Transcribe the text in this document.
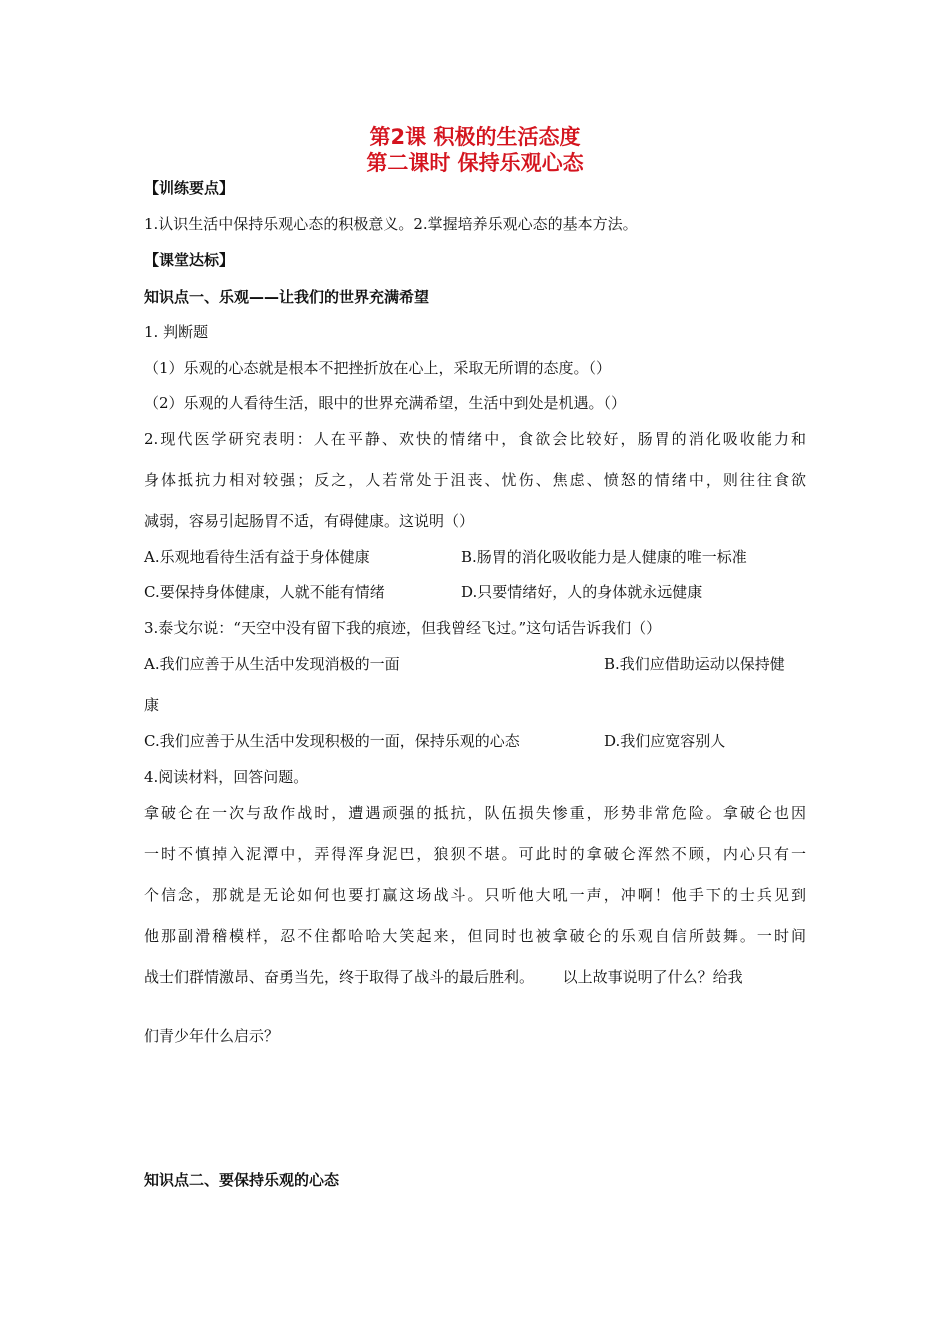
第2课 积极的生活态度
第二课时 保持乐观心态
【训练要点】
1.认识生活中保持乐观心态的积极意义。2.掌握培养乐观心态的基本方法。
【课堂达标】
知识点一、乐观——让我们的世界充满希望
1. 判断题
（1）乐观的心态就是根本不把挫折放在心上，采取无所谓的态度。（）
（2）乐观的人看待生活，眼中的世界充满希望，生活中到处是机遇。（）
2.现代医学研究表明：人在平静、欢快的情绪中，食欲会比较好，肠胃的消化吸收能力和
身体抵抗力相对较强；反之，人若常处于沮丧、忧伤、焦虑、愤怒的情绪中，则往往食欲
减弱，容易引起肠胃不适，有碍健康。这说明（）
A.乐观地看待生活有益于身体健康	B.肠胃的消化吸收能力是人健康的唯一标准
C.要保持身体健康，人就不能有情绪	D.只要情绪好，人的身体就永远健康
3.泰戈尔说：“天空中没有留下我的痕迹，但我曾经飞过。”这句话告诉我们（）
A.我们应善于从生活中发现消极的一面	B.我们应借助运动以保持健
康
C.我们应善于从生活中发现积极的一面，保持乐观的心态	D.我们应宽容别人
4.阅读材料，回答问题。
拿破仑在一次与敌作战时，遭遇顽强的抵抗，队伍损失惨重，形势非常危险。拿破仑也因
一时不慎掉入泥潭中，弄得浑身泥巴，狼狈不堪。可此时的拿破仑浑然不顾，内心只有一
个信念，那就是无论如何也要打赢这场战斗。只听他大吼一声，冲啊！他手下的士兵见到
他那副滑稽模样，忍不住都哈哈大笑起来，但同时也被拿破仑的乐观自信所鼓舞。一时间
战士们群情激昂、奋勇当先，终于取得了战斗的最后胜利。      以上故事说明了什么？给我
们青少年什么启示？
知识点二、要保持乐观的心态
